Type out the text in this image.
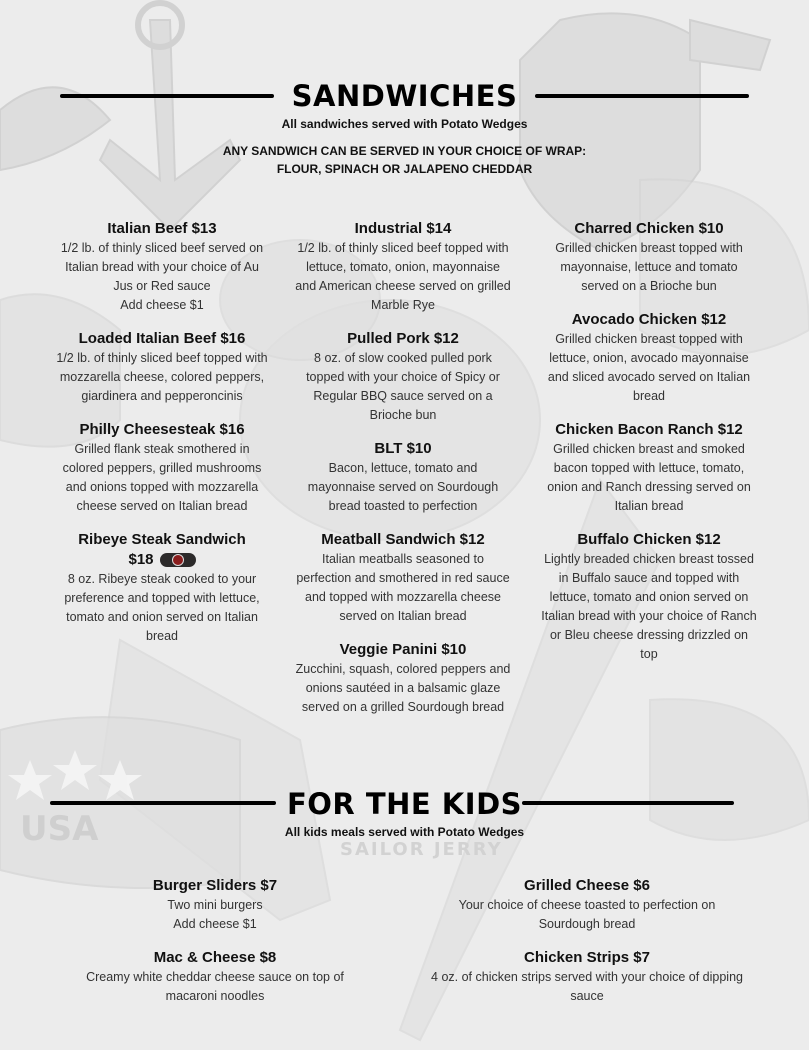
USA
SAILOR JERRY
SANDWICHES
All sandwiches served with Potato Wedges
ANY SANDWICH CAN BE SERVED IN YOUR CHOICE OF WRAP:
FLOUR, SPINACH OR JALAPENO CHEDDAR
Italian Beef $13
1/2 lb. of thinly sliced beef served on Italian bread with your choice of Au Jus or Red sauce
Add cheese $1
Loaded Italian Beef $16
1/2 lb. of thinly sliced beef topped with mozzarella cheese, colored peppers, giardinera and pepperoncinis
Philly Cheesesteak $16
Grilled flank steak smothered in colored peppers, grilled mushrooms and onions topped with mozzarella cheese served on Italian bread
Ribeye Steak Sandwich
$18
8 oz. Ribeye steak cooked to your preference and topped with lettuce, tomato and onion served on Italian bread
Industrial $14
1/2 lb. of thinly sliced beef topped with lettuce, tomato, onion, mayonnaise and American cheese served on grilled Marble Rye
Pulled Pork $12
8 oz. of slow cooked pulled pork topped with your choice of Spicy or Regular BBQ sauce served on a Brioche bun
BLT $10
Bacon, lettuce, tomato and mayonnaise served on Sourdough bread toasted to perfection
Meatball Sandwich $12
Italian meatballs seasoned to perfection and smothered in red sauce and topped with mozzarella cheese served on Italian bread
Veggie Panini $10
Zucchini, squash, colored peppers and onions sautéed in a balsamic glaze served on a grilled Sourdough bread
Charred Chicken $10
Grilled chicken breast topped with mayonnaise, lettuce and tomato served on a Brioche bun
Avocado Chicken $12
Grilled chicken breast topped with lettuce, onion, avocado mayonnaise and sliced avocado served on Italian bread
Chicken Bacon Ranch $12
Grilled chicken breast and smoked bacon topped with lettuce, tomato, onion and Ranch dressing served on Italian bread
Buffalo Chicken $12
Lightly breaded chicken breast tossed in Buffalo sauce and topped with lettuce, tomato and onion served on Italian bread with your choice of Ranch or Bleu cheese dressing drizzled on top
FOR THE KIDS
All kids meals served with Potato Wedges
Burger Sliders $7
Two mini burgers
Add cheese $1
Mac & Cheese $8
Creamy white cheddar cheese sauce on top of macaroni noodles
Grilled Cheese $6
Your choice of cheese toasted to perfection on Sourdough bread
Chicken Strips $7
4 oz. of chicken strips served with your choice of dipping sauce
